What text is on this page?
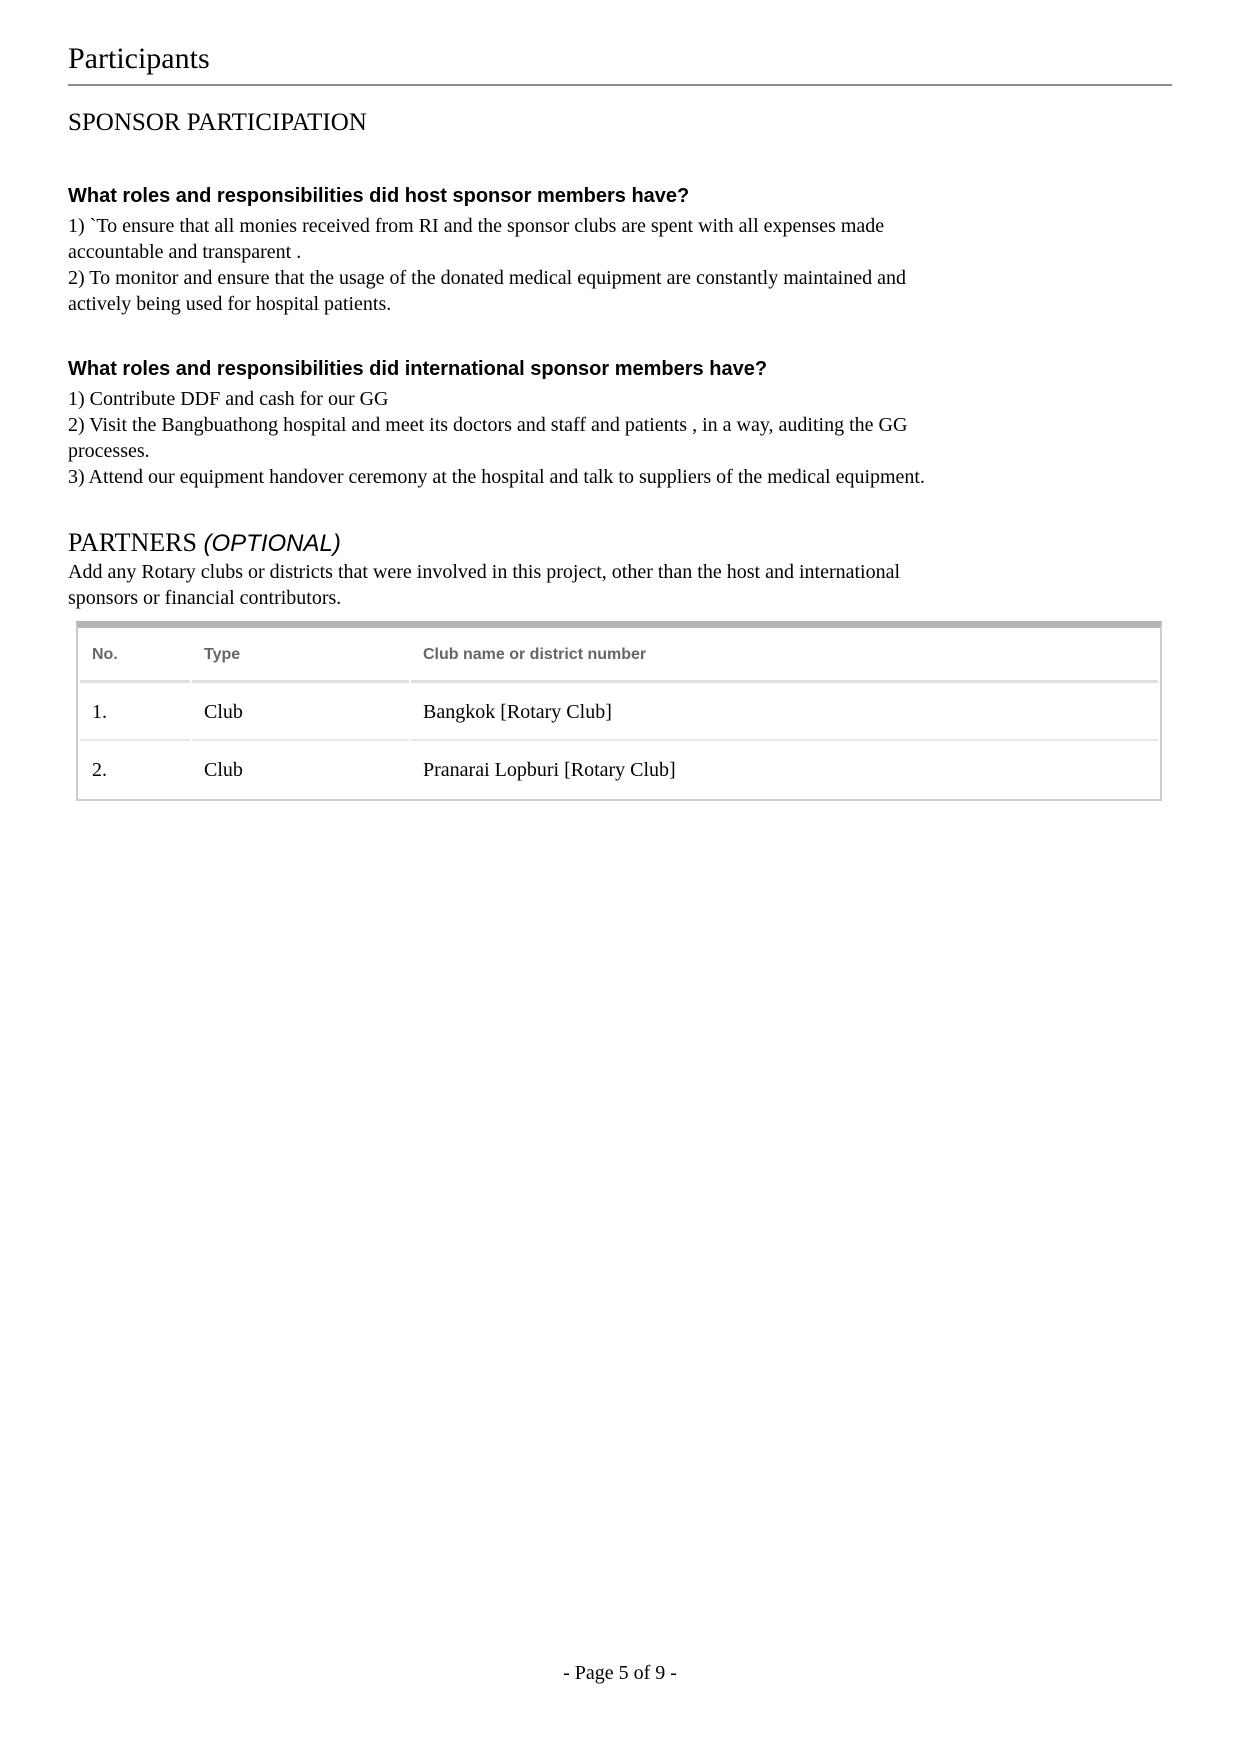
Participants
SPONSOR PARTICIPATION
What roles and responsibilities did host sponsor members have?
1) `To ensure that all monies received from RI and the sponsor clubs are spent with all expenses made
accountable and transparent .
2) To monitor and ensure that the usage of the donated medical equipment are constantly maintained and
actively being used for hospital patients.
What roles and responsibilities did international sponsor members have?
1) Contribute DDF and cash for our GG
2) Visit the Bangbuathong hospital and meet its doctors and staff and patients , in a way, auditing the GG
processes.
3) Attend our equipment handover ceremony at the hospital and talk to suppliers of the medical equipment.
PARTNERS (OPTIONAL)
Add any Rotary clubs or districts that were involved in this project, other than the host and international
sponsors or financial contributors.
No.	Type	Club name or district number
1.	Club	Bangkok [Rotary Club]
2.	Club	Pranarai Lopburi [Rotary Club]
- Page 5 of 9 -
